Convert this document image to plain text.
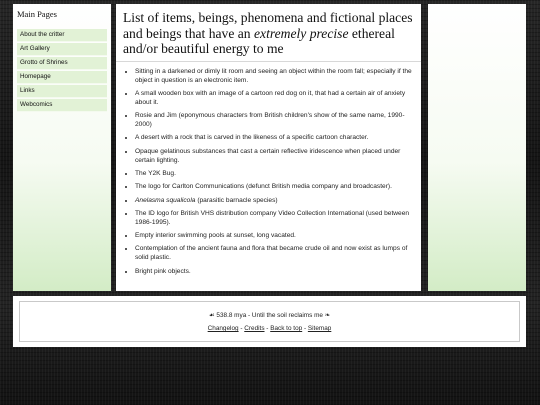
Main Pages
About the critter
Art Gallery
Grotto of Shrines
Homepage
Links
Webcomics
List of items, beings, phenomena and fictional places and beings that have an extremely precise ethereal and/or beautiful energy to me
• Sitting in a darkened or dimly lit room and seeing an object within the room fall; especially if the object in question is an electronic item.
• A small wooden box with an image of a cartoon red dog on it, that had a certain air of anxiety about it.
• Rosie and Jim (eponymous characters from British children's show of the same name, 1990-2000)
• A desert with a rock that is carved in the likeness of a specific cartoon character.
• Opaque gelatinous substances that cast a certain reflective iridescence when placed under certain lighting.
• The Y2K Bug.
• The logo for Carlton Communications (defunct British media company and broadcaster).
• Anelasma squalicola (parasitic barnacle species)
• The ID logo for British VHS distribution company Video Collection International (used between 1986-1995).
• Empty interior swimming pools at sunset, long vacated.
• Contemplation of the ancient fauna and flora that became crude oil and now exist as lumps of solid plastic.
• Bright pink objects.
☙ 538.8 mya - Until the soil reclaims me ❧
Changelog - Credits - Back to top - Sitemap
